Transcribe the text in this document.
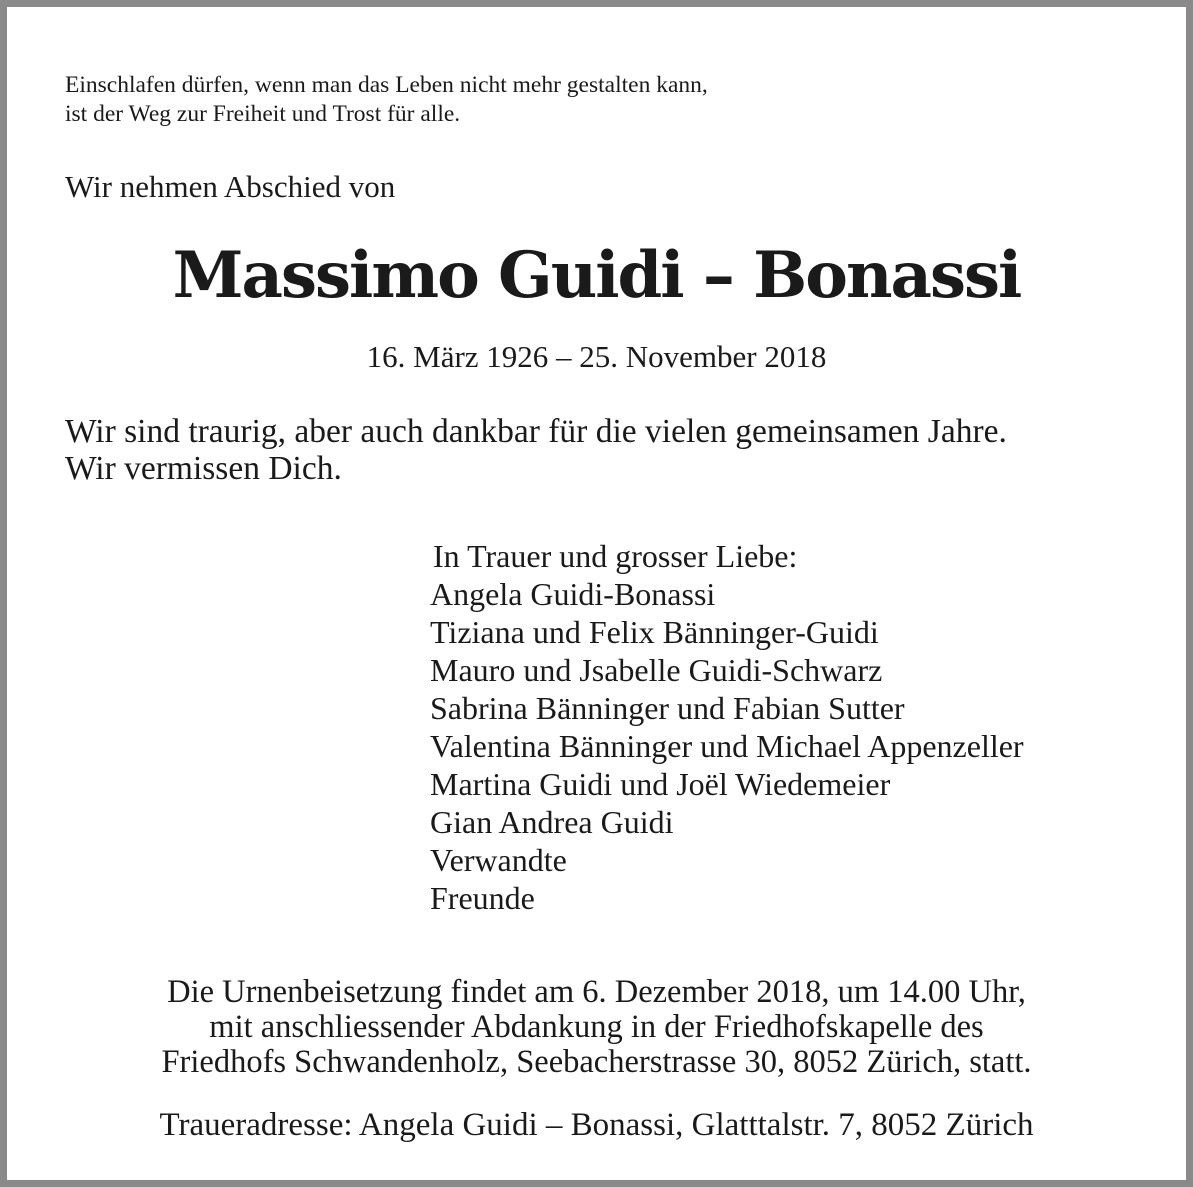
Einschlafen dürfen, wenn man das Leben nicht mehr gestalten kann,
ist der Weg zur Freiheit und Trost für alle.
Wir nehmen Abschied von
Massimo Guidi – Bonassi
16. März 1926 – 25. November 2018
Wir sind traurig, aber auch dankbar für die vielen gemeinsamen Jahre.
Wir vermissen Dich.
In Trauer und grosser Liebe:
Angela Guidi-Bonassi
Tiziana und Felix Bänninger-Guidi
Mauro und Jsabelle Guidi-Schwarz
Sabrina Bänninger und Fabian Sutter
Valentina Bänninger und Michael Appenzeller
Martina Guidi und Joël Wiedemeier
Gian Andrea Guidi
Verwandte
Freunde
Die Urnenbeisetzung findet am 6. Dezember 2018, um 14.00 Uhr,
mit anschliessender Abdankung in der Friedhofskapelle des
Friedhofs Schwandenholz, Seebacherstrasse 30, 8052 Zürich, statt.
Traueradresse: Angela Guidi – Bonassi, Glatttalstr. 7, 8052 Zürich
